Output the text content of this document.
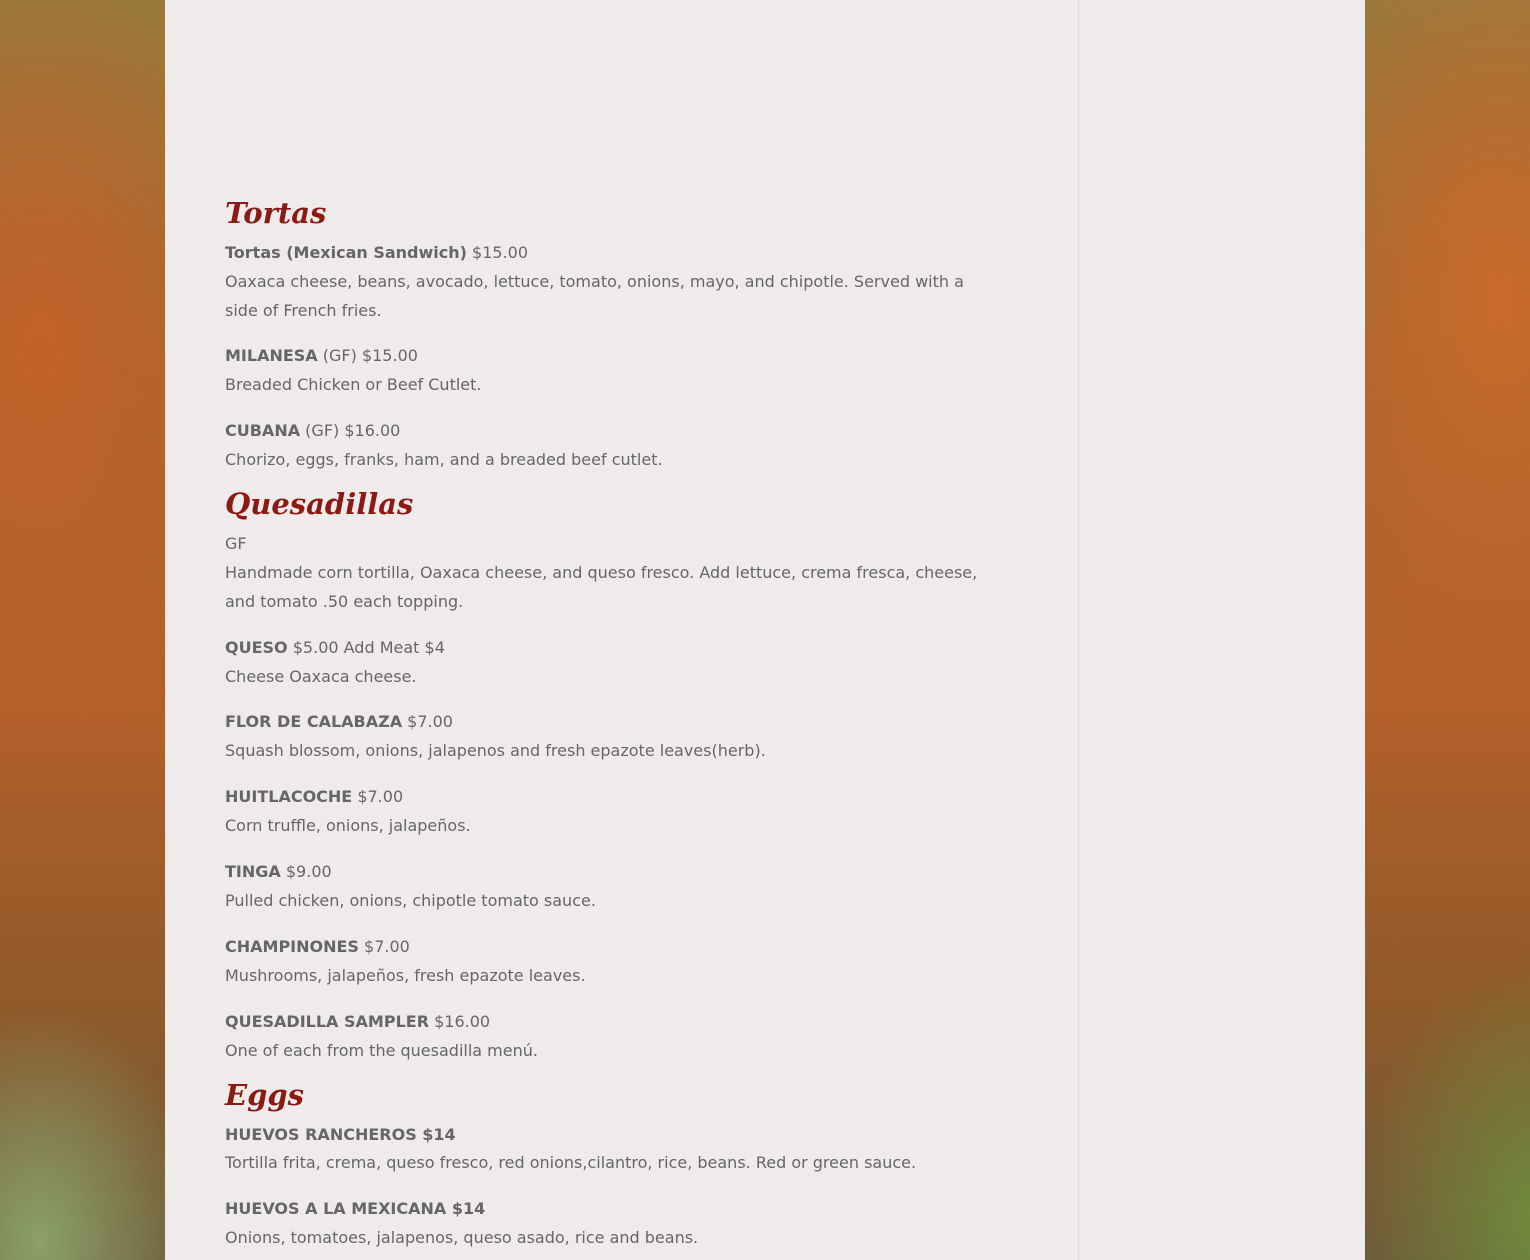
Tortas

Tortas (Mexican Sandwich) $15.00

Oaxaca cheese, beans, avocado, lettuce, tomato, onions, mayo, and chipotle. Served with a side of French fries.

MILANESA (GF) $15.00

Breaded Chicken or Beef Cutlet.

CUBANA (GF) $16.00

Chorizo, eggs, franks, ham, and a breaded beef cutlet.

Quesadillas

GF

Handmade corn tortilla, Oaxaca cheese, and queso fresco. Add lettuce, crema fresca, cheese, and tomato .50 each topping.

QUESO $5.00 Add Meat $4

Cheese Oaxaca cheese.

FLOR DE CALABAZA $7.00

Squash blossom, onions, jalapenos and fresh epazote leaves(herb).

HUITLACOCHE $7.00

Corn truffle, onions, jalapeños.

TINGA $9.00

Pulled chicken, onions, chipotle tomato sauce.

CHAMPINONES $7.00

Mushrooms, jalapeños, fresh epazote leaves.

QUESADILLA SAMPLER $16.00

One of each from the quesadilla menú.

Eggs

HUEVOS RANCHEROS $14

Tortilla frita, crema, queso fresco, red onions,cilantro, rice, beans. Red or green sauce.

HUEVOS A LA MEXICANA $14

Onions, tomatoes, jalapenos, queso asado, rice and beans.
